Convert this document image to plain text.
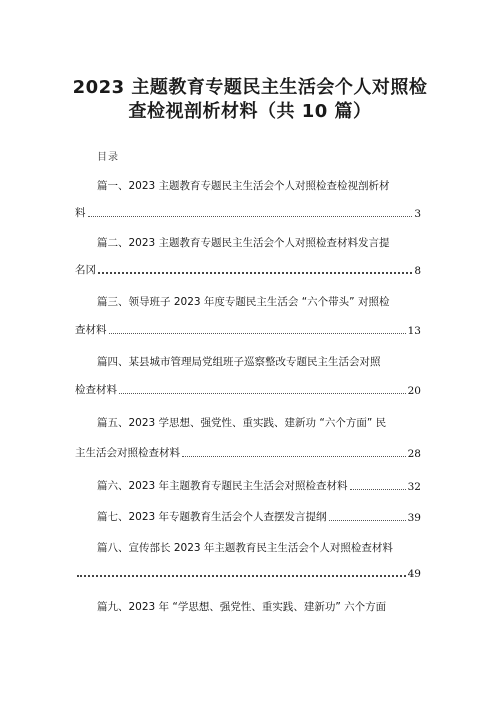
2023 主题教育专题民主生活会个人对照检
查检视剖析材料（共 10 篇）
目录
篇一、2023 主题教育专题民主生活会个人对照检查检视剖析材
料	3
篇二、2023 主题教育专题民主生活会个人对照检查材料发言提
名冈	8
篇三、领导班子 2023 年度专题民主生活会 “六个带头” 对照检
查材料	13
篇四、某县城市管理局党组班子巡察整改专题民主生活会对照
检查材料	20
篇五、2023 学思想、强党性、重实践、建新功 “六个方面” 民
主生活会对照检查材料	28
篇六、2023 年主题教育专题民主生活会对照检查材料	32
篇七、2023 年专题教育生活会个人查摆发言提纲	39
篇八、宣传部长 2023 年主题教育民主生活会个人对照检查材料
49
篇九、2023 年 “学思想、强党性、重实践、建新功” 六个方面
